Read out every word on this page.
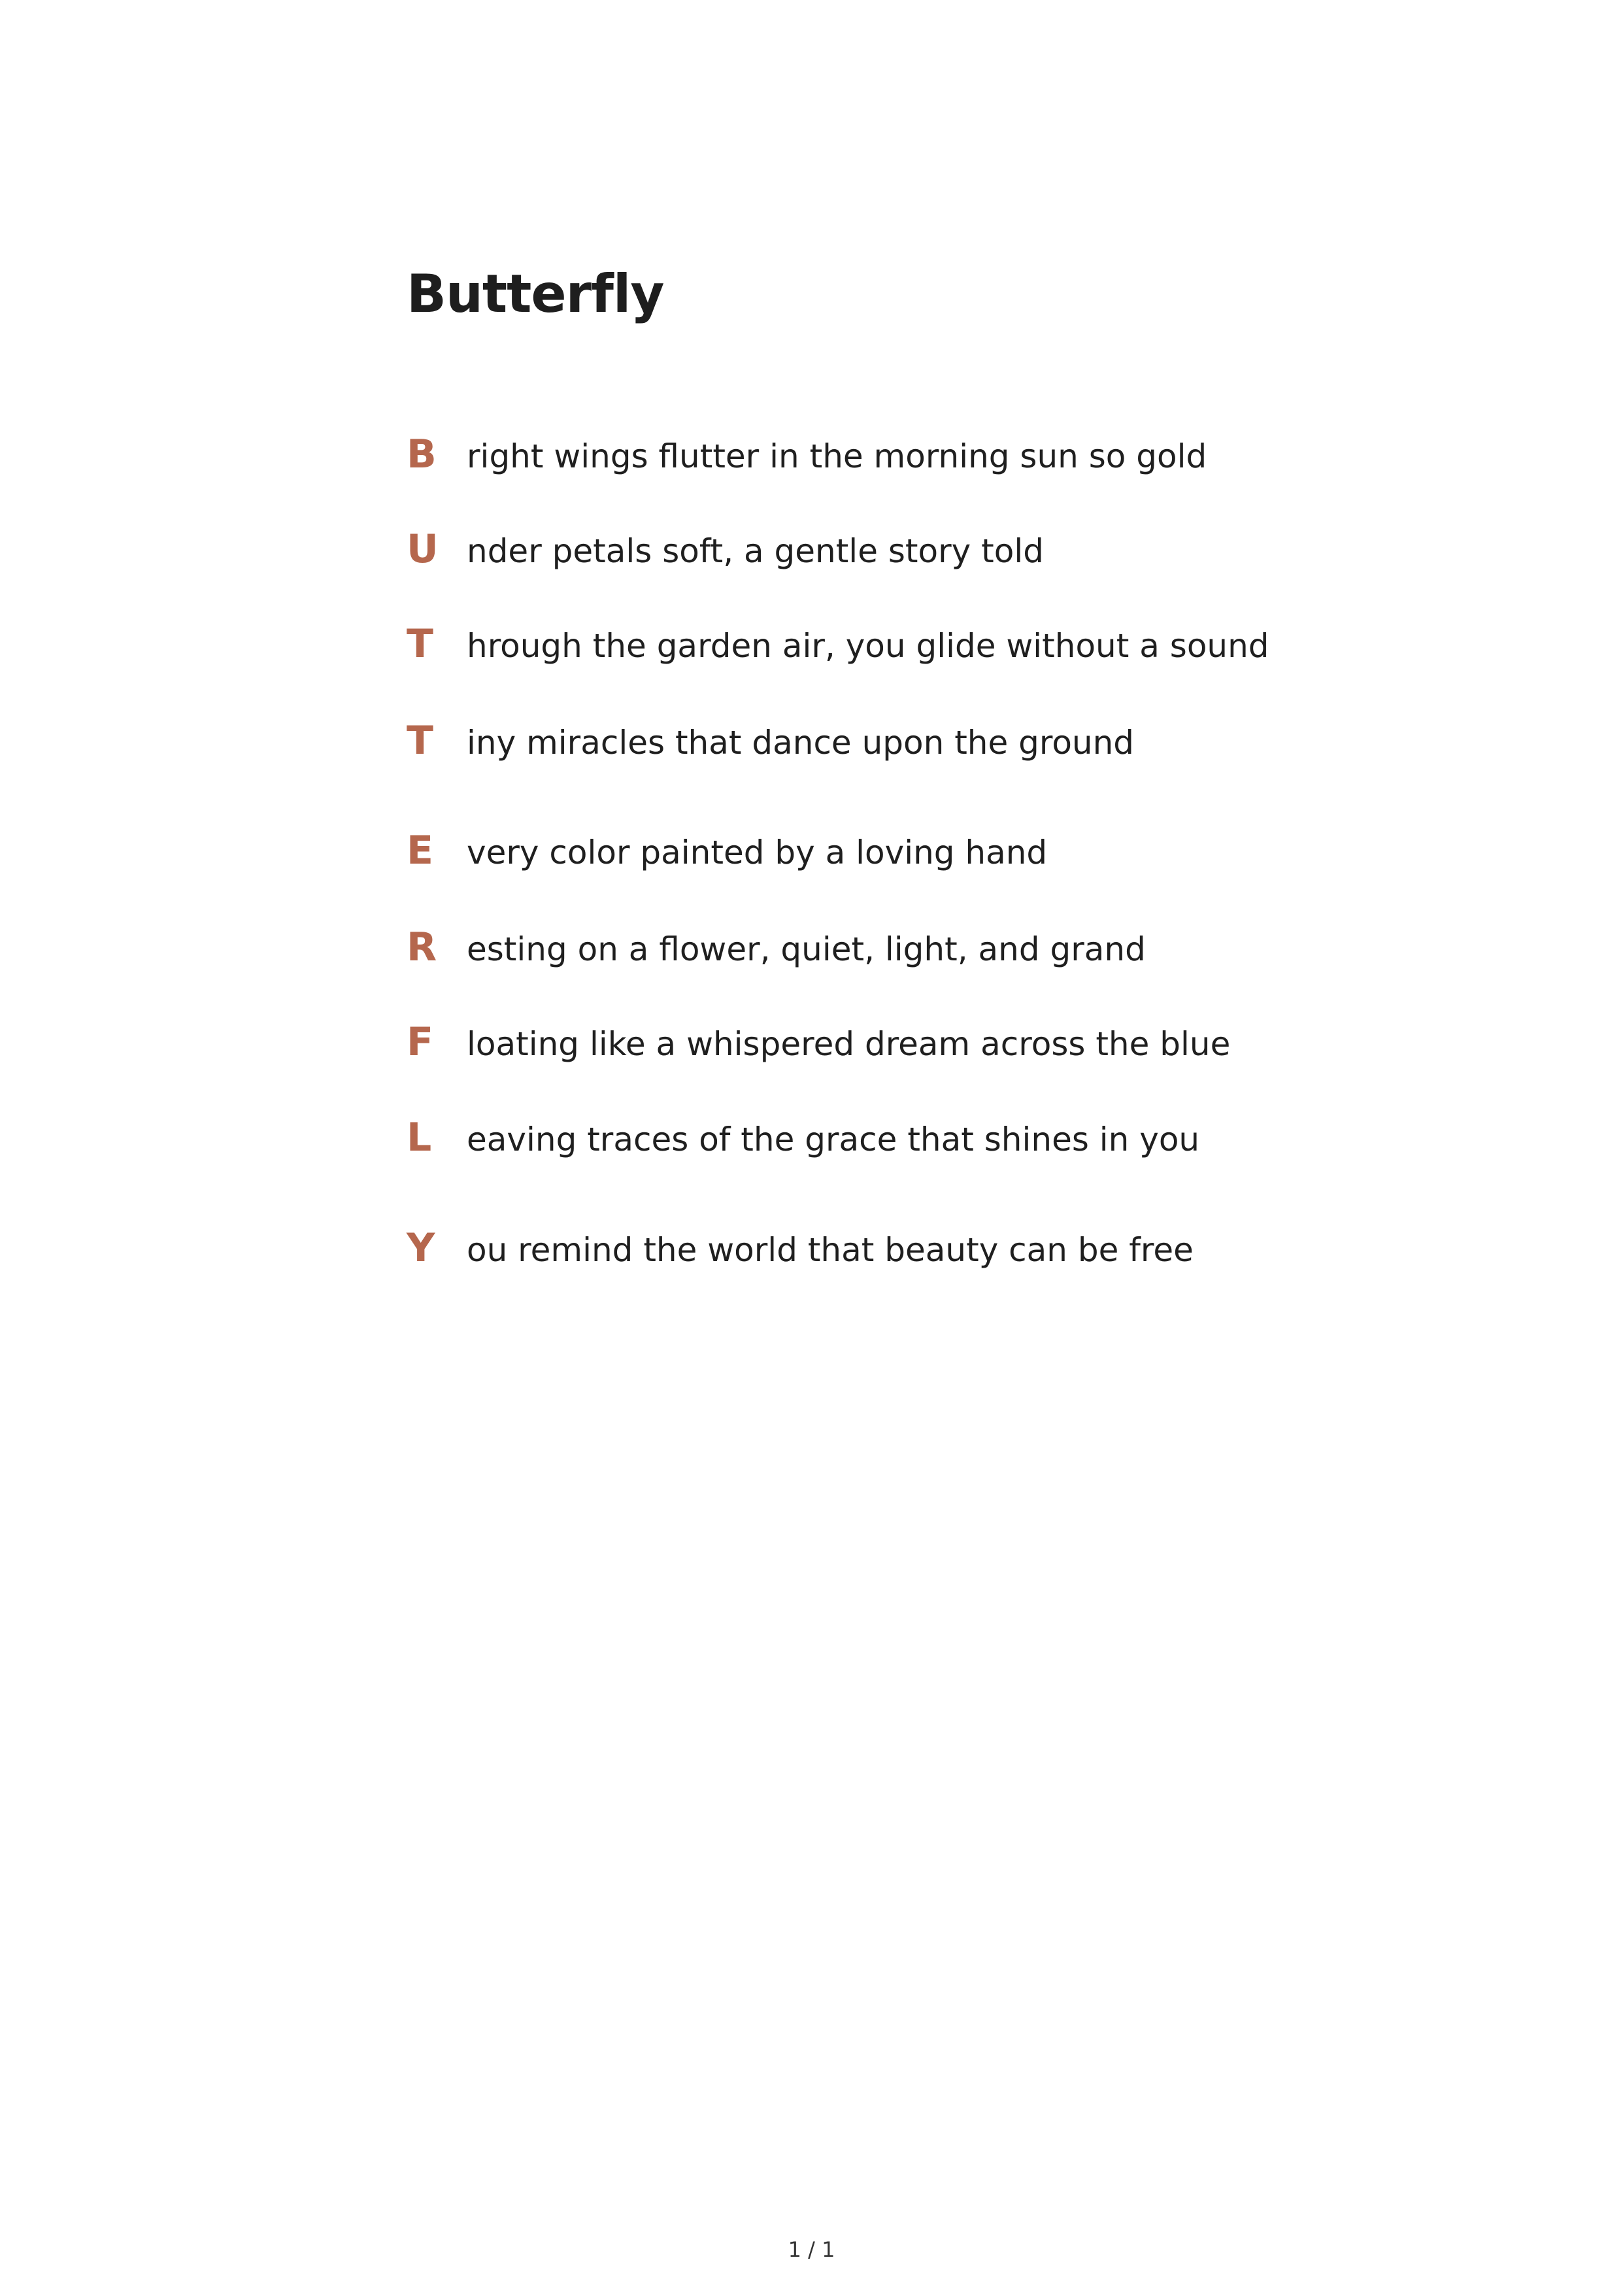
Butterfly
B right wings flutter in the morning sun so gold
U nder petals soft, a gentle story told
T	hrough the garden air, you glide without a sound
T	iny miracles that dance upon the ground
E	very color painted by a loving hand
R esting on a flower, quiet, light, and grand
F	loating like a whispered dream across the blue
L	eaving traces of the grace that shines in you
Y ou remind the world that beauty can be free
1 / 1
